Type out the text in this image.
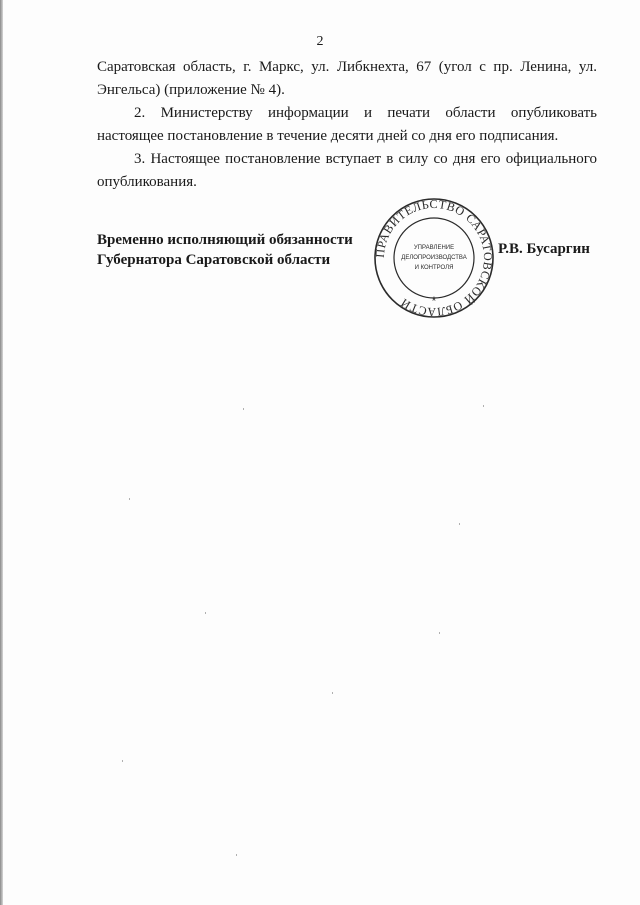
2

Саратовская область, г. Маркс, ул. Либкнехта, 67 (угол с пр. Ленина, ул. Энгельса) (приложение № 4).

2. Министерству информации и печати области опубликовать настоящее постановление в течение десяти дней со дня его подписания.

3. Настоящее постановление вступает в силу со дня его официального опубликования.

Временно исполняющий обязанности
Губернатора Саратовской области	ПРАВИТЕЛЬСТВО САРАТОВСКОЙ ОБЛАСТИ
УПРАВЛЕНИЕ
ДЕЛОПРОИЗВОДСТВА
И КОНТРОЛЯ
*
Р.В. Бусаргин
